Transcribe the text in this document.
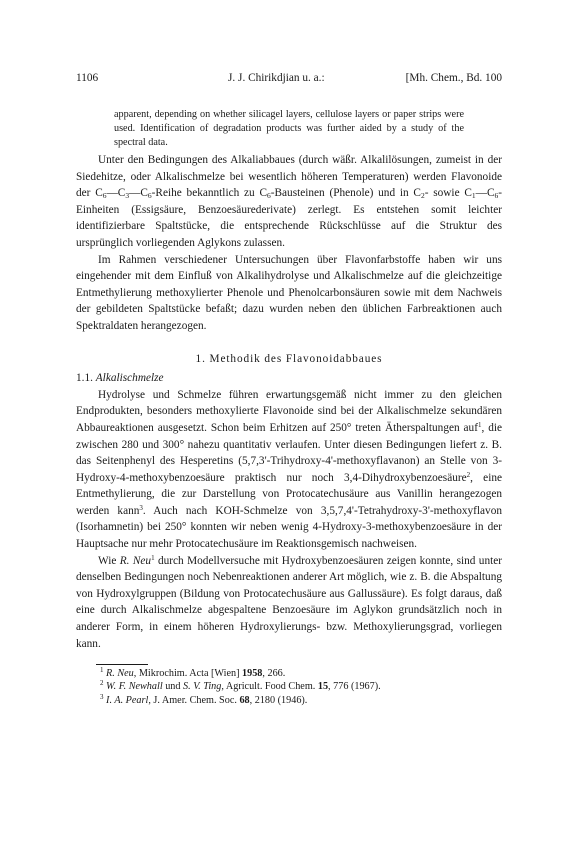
1106	J. J. Chirikdjian u. a.:	[Mh. Chem., Bd. 100
apparent, depending on whether silicagel layers, cellulose layers or paper strips were used. Identification of degradation products was further aided by a study of the spectral data.

Unter den Bedingungen des Alkaliabbaues (durch wäßr. Alkalilösungen, zumeist in der Siedehitze, oder Alkalischmelze bei wesentlich höheren Temperaturen) werden Flavonoide der $C_6—C_3—C_6$-Reihe bekanntlich zu $C_6$-Bausteinen (Phenole) und in $C_2-$ sowie $C_1—C_6$-Einheiten (Essigsäure, Benzoesäurederivate) zerlegt. Es entstehen somit leichter identifizierbare Spaltstücke, die entsprechende Rückschlüsse auf die Struktur des ursprünglich vorliegenden Aglykons zulassen.

Im Rahmen verschiedener Untersuchungen über Flavonfarbstoffe haben wir uns eingehender mit dem Einfluß von Alkalihydrolyse und Alkalischmelze auf die gleichzeitige Entmethylierung methoxylierter Phenole und Phenolcarbonsäuren sowie mit dem Nachweis der gebildeten Spaltstücke befaßt; dazu wurden neben den üblichen Farbreaktionen auch Spektraldaten herangezogen.

1. Methodik des Flavonoidabbaues
1.1. Alkalischmelze

Hydrolyse und Schmelze führen erwartungsgemäß nicht immer zu den gleichen Endprodukten, besonders methoxylierte Flavonoide sind bei der Alkalischmelze sekundären Abbaureaktionen ausgesetzt. Schon beim Erhitzen auf 250° treten Ätherspaltungen auf$^1$, die zwischen 280 und 300° nahezu quantitativ verlaufen. Unter diesen Bedingungen liefert z. B. das Seitenphenyl des Hesperetins (5,7,3'-Trihydroxy-4'-methoxyflavanon) an Stelle von 3-Hydroxy-4-methoxybenzoesäure praktisch nur noch 3,4-Dihydroxybenzoesäure$^2$, eine Entmethylierung, die zur Darstellung von Protocatechusäure aus Vanillin herangezogen werden kann$^3$. Auch nach KOH-Schmelze von 3,5,7,4'-Tetrahydroxy-3'-methoxyflavon (Isorhamnetin) bei 250° konnten wir neben wenig 4-Hydroxy-3-methoxybenzoesäure in der Hauptsache nur mehr Protocatechusäure im Reaktionsgemisch nachweisen.

Wie R. Neu$^1$ durch Modellversuche mit Hydroxybenzoesäuren zeigen konnte, sind unter denselben Bedingungen noch Nebenreaktionen anderer Art möglich, wie z. B. die Abspaltung von Hydroxylgruppen (Bildung von Protocatechusäure aus Gallussäure). Es folgt daraus, daß eine durch Alkalischmelze abgespaltene Benzoesäure im Aglykon grundsätzlich noch in anderer Form, in einem höheren Hydroxylierungs- bzw. Methoxylierungsgrad, vorliegen kann.

$^1$ R. Neu, Mikrochim. Acta [Wien] 1958, 266.
$^2$ W. F. Newhall und S. V. Ting, Agricult. Food Chem. 15, 776 (1967).
$^3$ I. A. Pearl, J. Amer. Chem. Soc. 68, 2180 (1946).
